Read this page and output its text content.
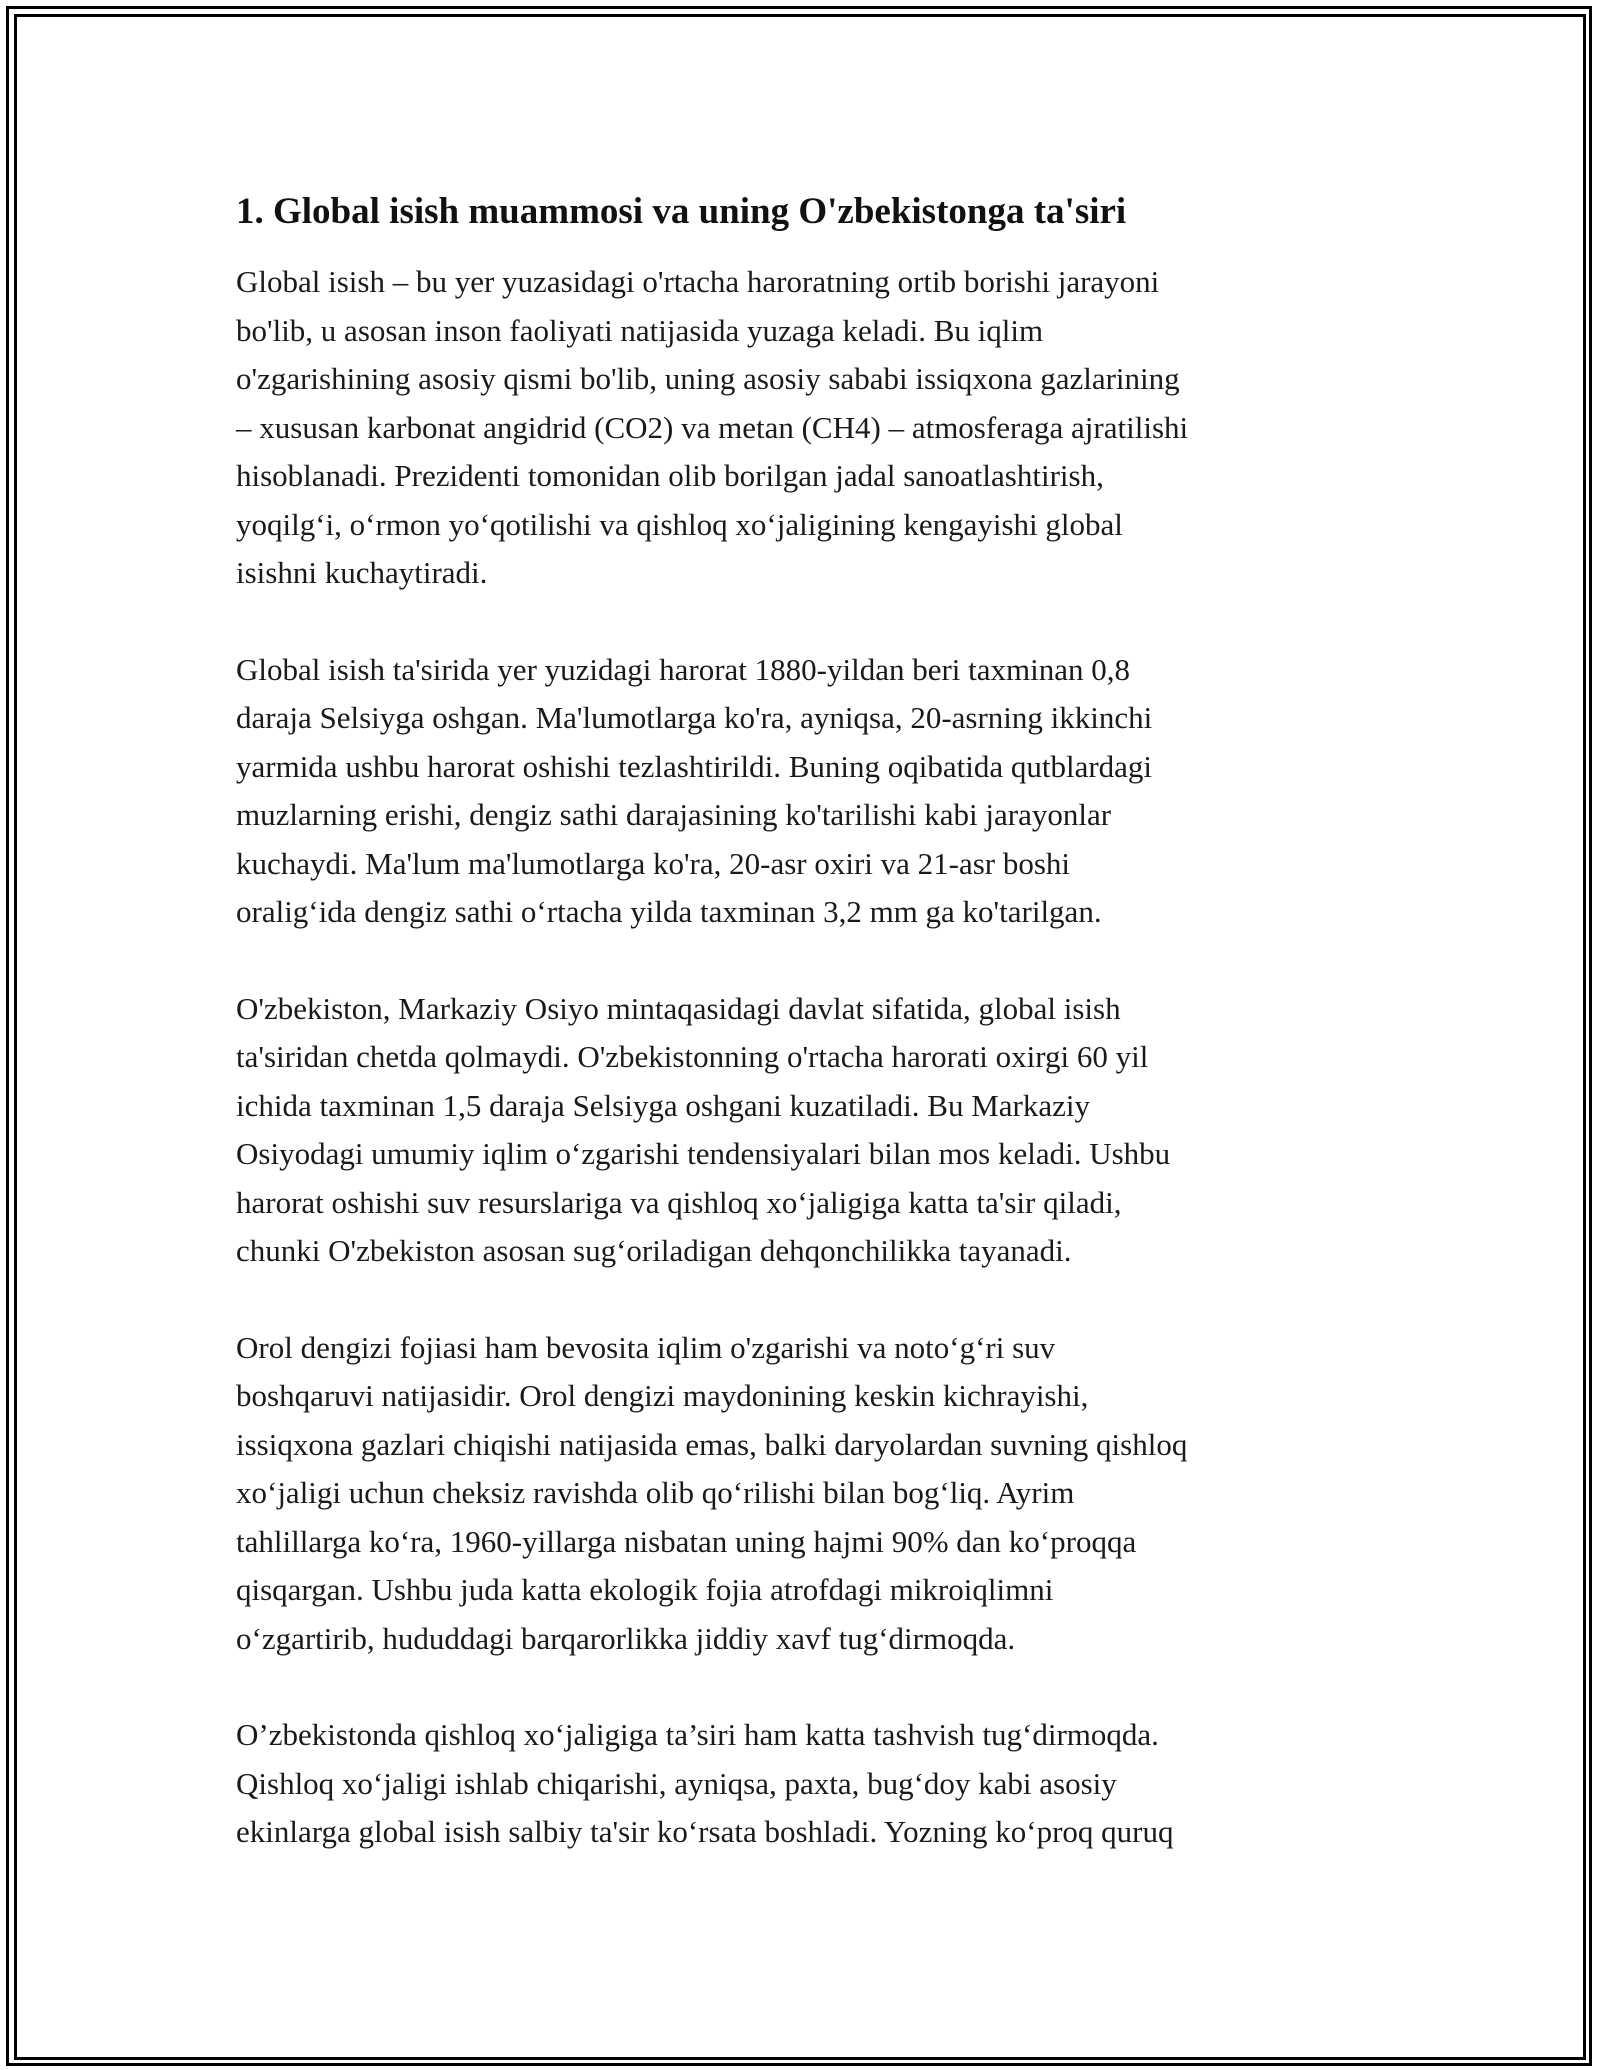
1. Global isish muammosi va uning O'zbekistonga ta'siri

Global isish – bu yer yuzasidagi o'rtacha haroratning ortib borishi jarayoni
bo'lib, u asosan inson faoliyati natijasida yuzaga keladi. Bu iqlim
o'zgarishining asosiy qismi bo'lib, uning asosiy sababi issiqxona gazlarining
– xususan karbonat angidrid (CO2) va metan (CH4) – atmosferaga ajratilishi
hisoblanadi. Prezidenti tomonidan olib borilgan jadal sanoatlashtirish,
yoqilg‘i, o‘rmon yo‘qotilishi va qishloq xo‘jaligining kengayishi global
isishni kuchaytiradi.

Global isish ta'sirida yer yuzidagi harorat 1880-yildan beri taxminan 0,8
daraja Selsiyga oshgan. Ma'lumotlarga ko'ra, ayniqsa, 20-asrning ikkinchi
yarmida ushbu harorat oshishi tezlashtirildi. Buning oqibatida qutblardagi
muzlarning erishi, dengiz sathi darajasining ko'tarilishi kabi jarayonlar
kuchaydi. Ma'lum ma'lumotlarga ko'ra, 20-asr oxiri va 21-asr boshi
oralig‘ida dengiz sathi o‘rtacha yilda taxminan 3,2 mm ga ko'tarilgan.

O'zbekiston, Markaziy Osiyo mintaqasidagi davlat sifatida, global isish
ta'siridan chetda qolmaydi. O'zbekistonning o'rtacha harorati oxirgi 60 yil
ichida taxminan 1,5 daraja Selsiyga oshgani kuzatiladi. Bu Markaziy
Osiyodagi umumiy iqlim o‘zgarishi tendensiyalari bilan mos keladi. Ushbu
harorat oshishi suv resurslariga va qishloq xo‘jaligiga katta ta'sir qiladi,
chunki O'zbekiston asosan sug‘oriladigan dehqonchilikka tayanadi.

Orol dengizi fojiasi ham bevosita iqlim o'zgarishi va noto‘g‘ri suv
boshqaruvi natijasidir. Orol dengizi maydonining keskin kichrayishi,
issiqxona gazlari chiqishi natijasida emas, balki daryolardan suvning qishloq
xo‘jaligi uchun cheksiz ravishda olib qo‘rilishi bilan bog‘liq. Ayrim
tahlillarga ko‘ra, 1960-yillarga nisbatan uning hajmi 90% dan ko‘proqqa
qisqargan. Ushbu juda katta ekologik fojia atrofdagi mikroiqlimni
o‘zgartirib, hududdagi barqarorlikka jiddiy xavf tug‘dirmoqda.

O’zbekistonda qishloq xo‘jaligiga ta’siri ham katta tashvish tug‘dirmoqda.
Qishloq xo‘jaligi ishlab chiqarishi, ayniqsa, paxta, bug‘doy kabi asosiy
ekinlarga global isish salbiy ta'sir ko‘rsata boshladi. Yozning ko‘proq quruq
